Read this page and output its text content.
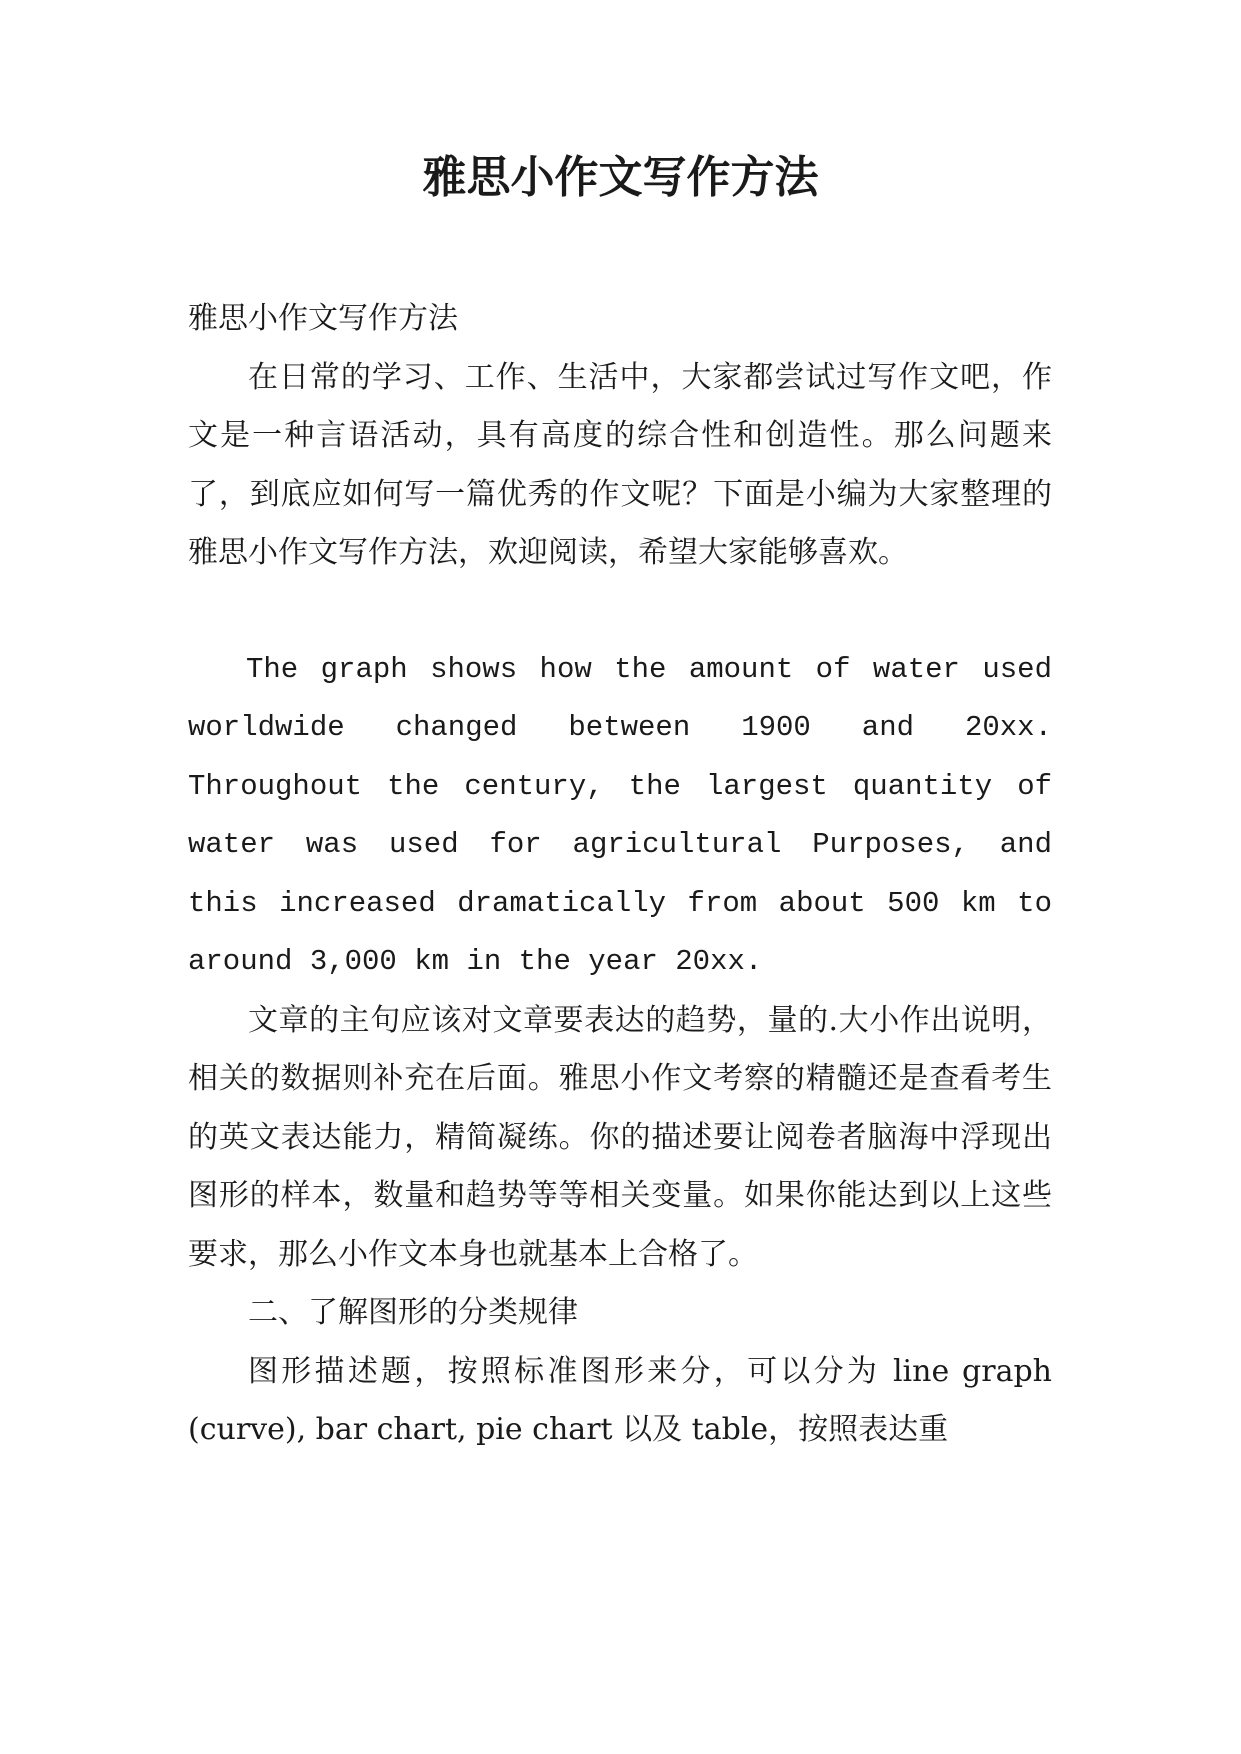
雅思小作文写作方法

雅思小作文写作方法

在日常的学习、工作、生活中，大家都尝试过写作文吧，作文是一种言语活动，具有高度的综合性和创造性。那么问题来了，到底应如何写一篇优秀的作文呢？下面是小编为大家整理的雅思小作文写作方法，欢迎阅读，希望大家能够喜欢。

The graph shows how the amount of water used worldwide changed between 1900 and 20xx. Throughout the century, the largest quantity of water was used for agricultural Purposes, and this increased dramatically from about 500 km to around 3,000 km in the year 20xx.

文章的主句应该对文章要表达的趋势，量的.大小作出说明，相关的数据则补充在后面。雅思小作文考察的精髓还是查看考生的英文表达能力，精简凝练。你的描述要让阅卷者脑海中浮现出图形的样本，数量和趋势等等相关变量。如果你能达到以上这些要求，那么小作文本身也就基本上合格了。

二、了解图形的分类规律

图形描述题，按照标准图形来分，可以分为 line graph (curve), bar chart, pie chart 以及 table，按照表达重
